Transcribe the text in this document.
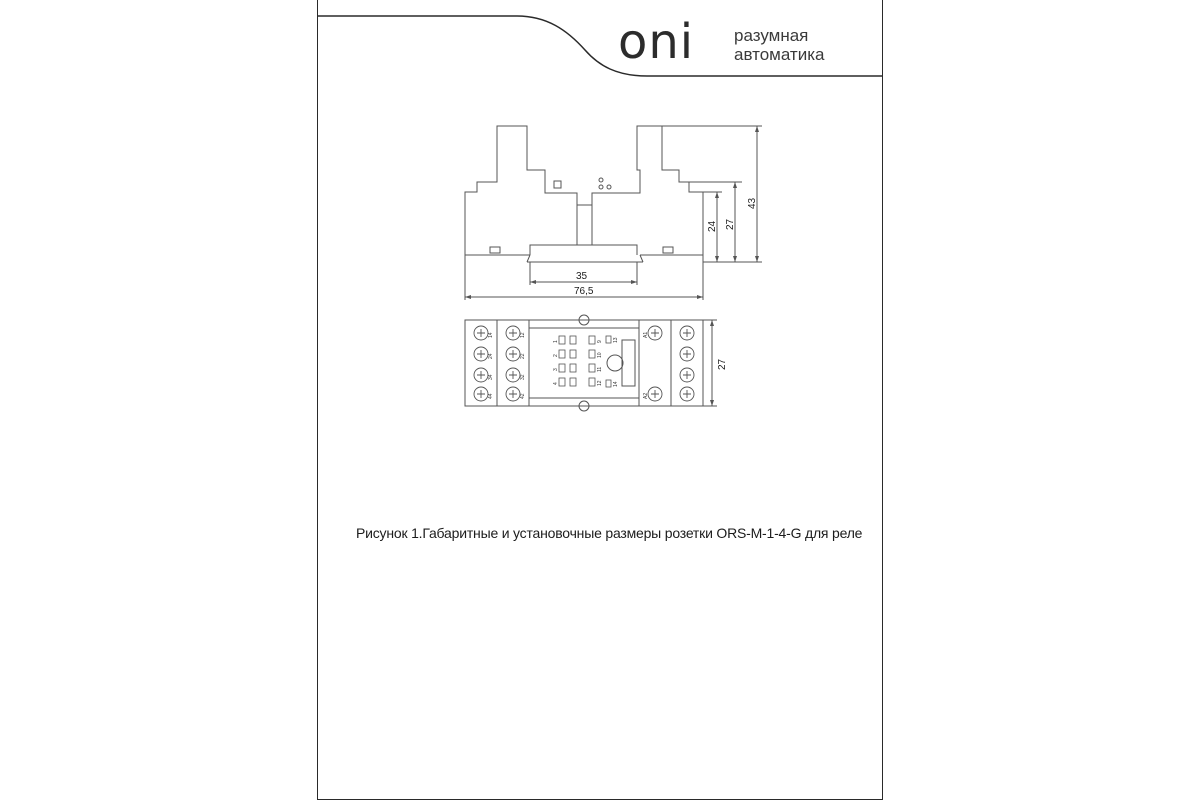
oni разумная
автоматика
24 27
43
35
76,5
27
14
24
34
44
12
22
32
42
1
2
3
4
9
10
11
12
13
14
A1
A2
Рисунок 1.Габаритные и установочные размеры розетки ORS-M-1-4-G для реле
